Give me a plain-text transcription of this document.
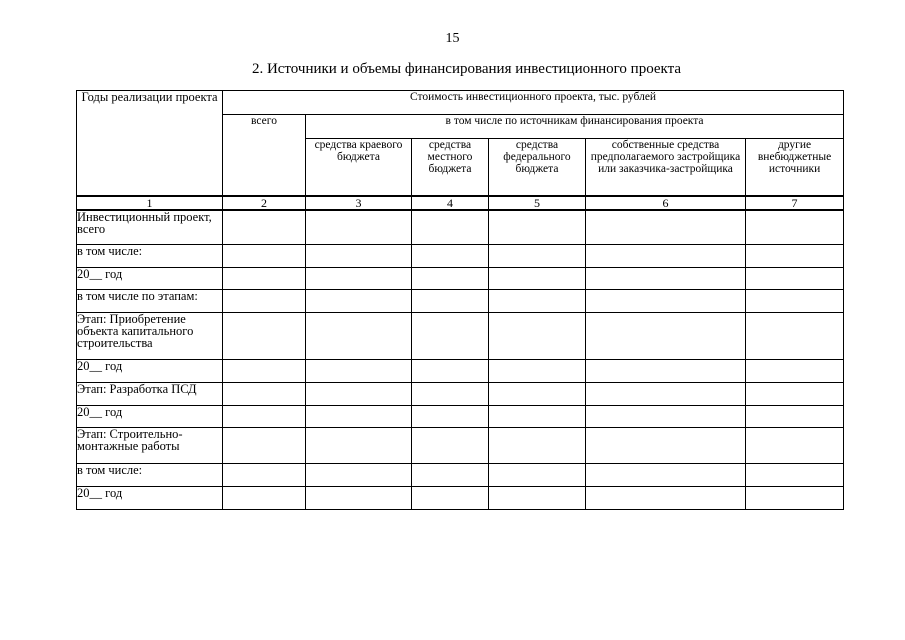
15
2. Источники и объемы финансирования инвестиционного проекта
Годы реализации проекта	Стоимость инвестиционного проекта, тыс. рублей					
	всего	в том числе по источникам финансирования проекта				
		средства краевого бюджета	средства местного бюджета	средства федерального бюджета	собственные средства предполагаемого застройщика или заказчика-застройщика	другие внебюджетные источники
1	2	3	4	5	6	7
Инвестиционный проект, всего						
в том числе:						
20__ год						
в том числе по этапам:						
Этап: Приобретение объекта капитального строительства						
20__ год						
Этап: Разработка ПСД						
20__ год						
Этап: Строительно-монтажные работы						
в том числе:						
20__ год						
